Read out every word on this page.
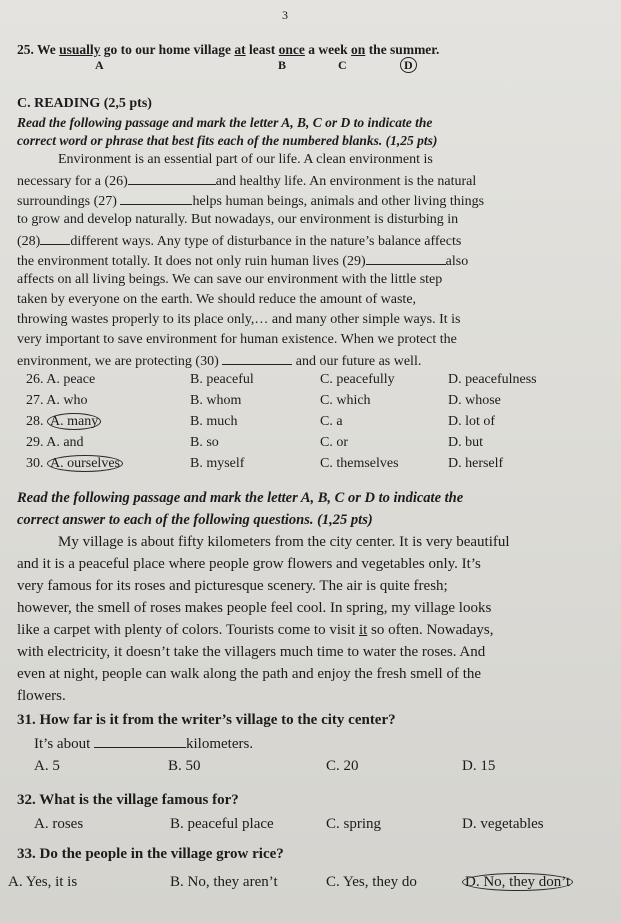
3
25. We usually go to our home village at least once a week on the summer.
A	B	C	D
C. READING (2,5 pts)
Read the following passage and mark the letter A, B, C or D to indicate the
correct word or phrase that best fits each of the numbered blanks. (1,25 pts)
Environment is an essential part of our life. A clean environment is
necessary for a (26)	and healthy life. An environment is the natural
surroundings (27)	helps human beings, animals and other living things
to grow and develop naturally. But nowadays, our environment is disturbing in
(28) different ways. Any type of disturbance in the nature’s balance affects
the environment totally. It does not only ruin human lives (29)	also
affects on all living beings. We can save our environment with the little step
taken by everyone on the earth. We should reduce the amount of waste,
throwing wastes properly to its place only,… and many other simple ways. It is
very important to save environment for human existence. When we protect the
environment, we are protecting (30)	and our future as well.
26. A. peace	B. peaceful	C. peacefully	D. peacefulness
27. A. who	B. whom	C. which	D. whose
28. A. many	B. much	C. a	D. lot of
29. A. and	B. so	C. or	D. but
30. A. ourselves	B. myself	C. themselves	D. herself
Read the following passage and mark the letter A, B, C or D to indicate the
correct answer to each of the following questions. (1,25 pts)
My village is about fifty kilometers from the city center. It is very beautiful
and it is a peaceful place where people grow flowers and vegetables only. It’s
very famous for its roses and picturesque scenery. The air is quite fresh;
however, the smell of roses makes people feel cool. In spring, my village looks
like a carpet with plenty of colors. Tourists come to visit it so often. Nowadays,
with electricity, it doesn’t take the villagers much time to water the roses. And
even at night, people can walk along the path and enjoy the fresh smell of the
flowers.
31. How far is it from the writer’s village to the city center?
It’s about	kilometers.
A. 5	B. 50	C. 20	D. 15
32. What is the village famous for?
A. roses	B. peaceful place	C. spring	D. vegetables
33. Do the people in the village grow rice?
A. Yes, it is	B. No, they aren’t	C. Yes, they do	D. No, they don’t
